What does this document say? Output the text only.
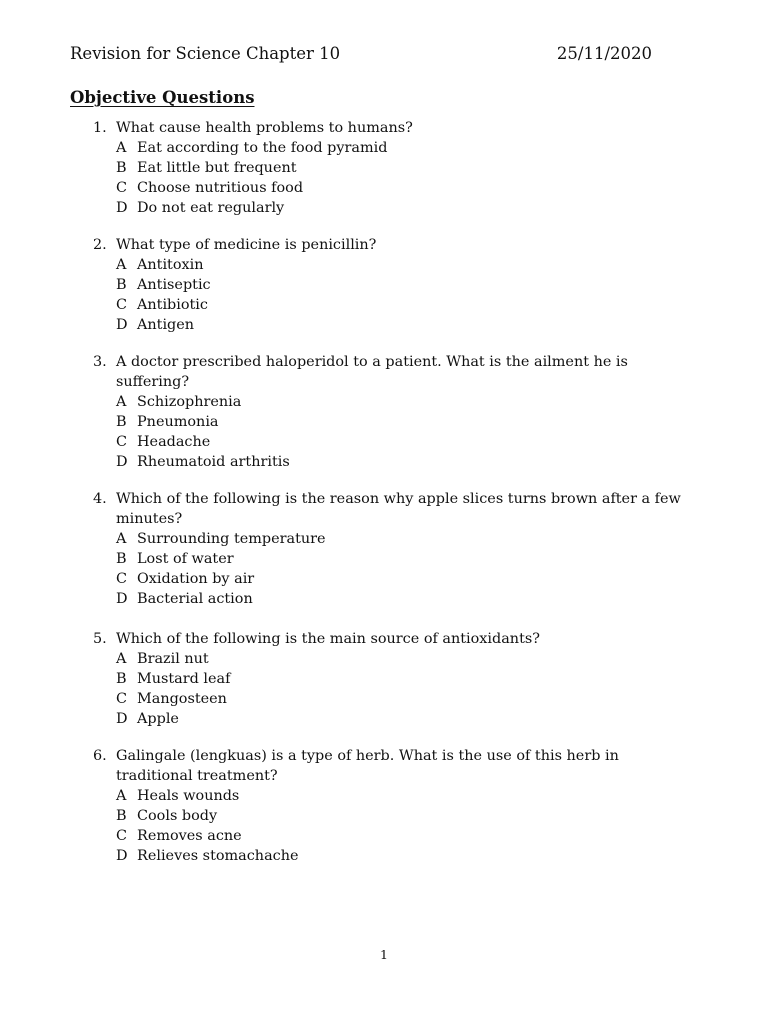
Revision for Science Chapter 10	25/11/2020
Objective Questions
1. What cause health problems to humans?

A Eat according to the food pyramid
B Eat little but frequent
C Choose nutritious food
D Do not eat regularly
2. What type of medicine is penicillin?

A Antitoxin
B Antiseptic
C Antibiotic
D Antigen
3. A doctor prescribed haloperidol to a patient. What is the ailment he is suffering?

A Schizophrenia
B Pneumonia
C Headache
D Rheumatoid arthritis
4. Which of the following is the reason why apple slices turns brown after a few minutes?

A Surrounding temperature
B Lost of water
C Oxidation by air
D Bacterial action
5. Which of the following is the main source of antioxidants?

A Brazil nut
B Mustard leaf
C Mangosteen
D Apple
6. Galingale (lengkuas) is a type of herb. What is the use of this herb in traditional treatment?

A Heals wounds
B Cools body
C Removes acne
D Relieves stomachache
1
